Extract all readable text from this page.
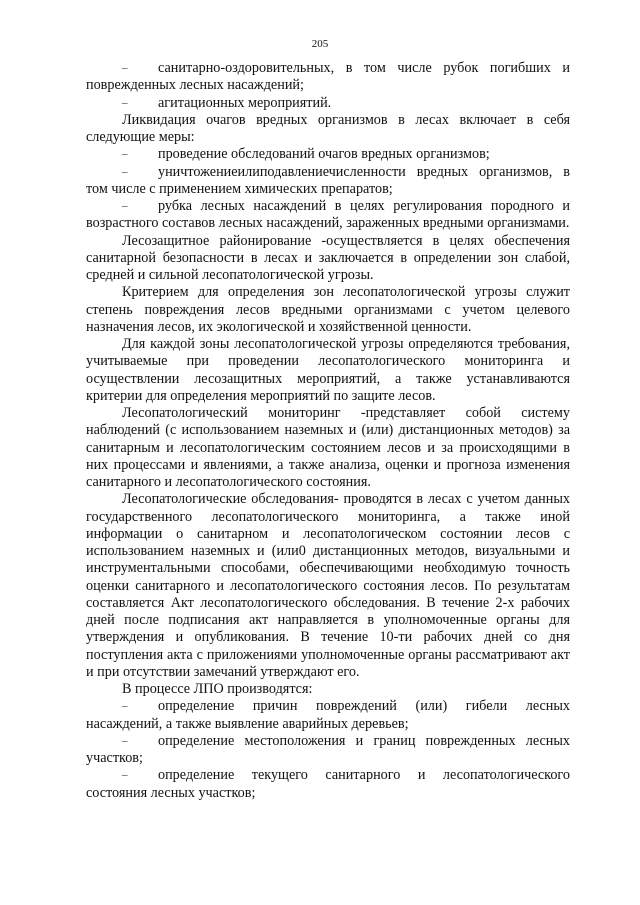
205

– санитарно-оздоровительных, в том числе рубок погибших и поврежденных лесных насаждений;

– агитационных мероприятий.

Ликвидация очагов вредных организмов в лесах включает в себя следующие меры:

– проведение обследований очагов вредных организмов;

– уничтожениеилиподавлениечисленности вредных организмов, в том числе с применением химических препаратов;

– рубка лесных насаждений в целях регулирования породного и возрастного составов лесных насаждений, зараженных вредными организмами.

Лесозащитное районирование -осуществляется в целях обеспечения санитарной безопасности в лесах и заключается в определении зон слабой, средней и сильной лесопатологической угрозы.

Критерием для определения зон лесопатологической угрозы служит степень повреждения лесов вредными организмами с учетом целевого назначения лесов, их экологической и хозяйственной ценности.

Для каждой зоны лесопатологической угрозы определяются требования, учитываемые при проведении лесопатологического мониторинга и осуществлении лесозащитных мероприятий, а также устанавливаются критерии для определения мероприятий по защите лесов.

Лесопатологический мониторинг -представляет собой систему наблюдений (с использованием наземных и (или) дистанционных методов) за санитарным и лесопатологическим состоянием лесов и за происходящими в них процессами и явлениями, а также анализа, оценки и прогноза изменения санитарного и лесопатологического состояния.

Лесопатологические обследования- проводятся в лесах с учетом данных государственного лесопатологического мониторинга, а также иной информации о санитарном и лесопатологическом состоянии лесов с использованием наземных и (или0 дистанционных методов, визуальными и инструментальными способами, обеспечивающими необходимую точность оценки санитарного и лесопатологического состояния лесов. По результатам составляется Акт лесопатологического обследования. В течение 2-х рабочих дней после подписания акт направляется в уполномоченные органы для утверждения и опубликования. В течение 10-ти рабочих дней со дня поступления акта с приложениями уполномоченные органы рассматривают акт и при отсутствии замечаний утверждают его.

В процессе ЛПО производятся:

– определение причин повреждений (или) гибели лесных насаждений, а также выявление аварийных деревьев;

– определение местоположения и границ поврежденных лесных участков;

– определение текущего санитарного и лесопатологического состояния лесных участков;
